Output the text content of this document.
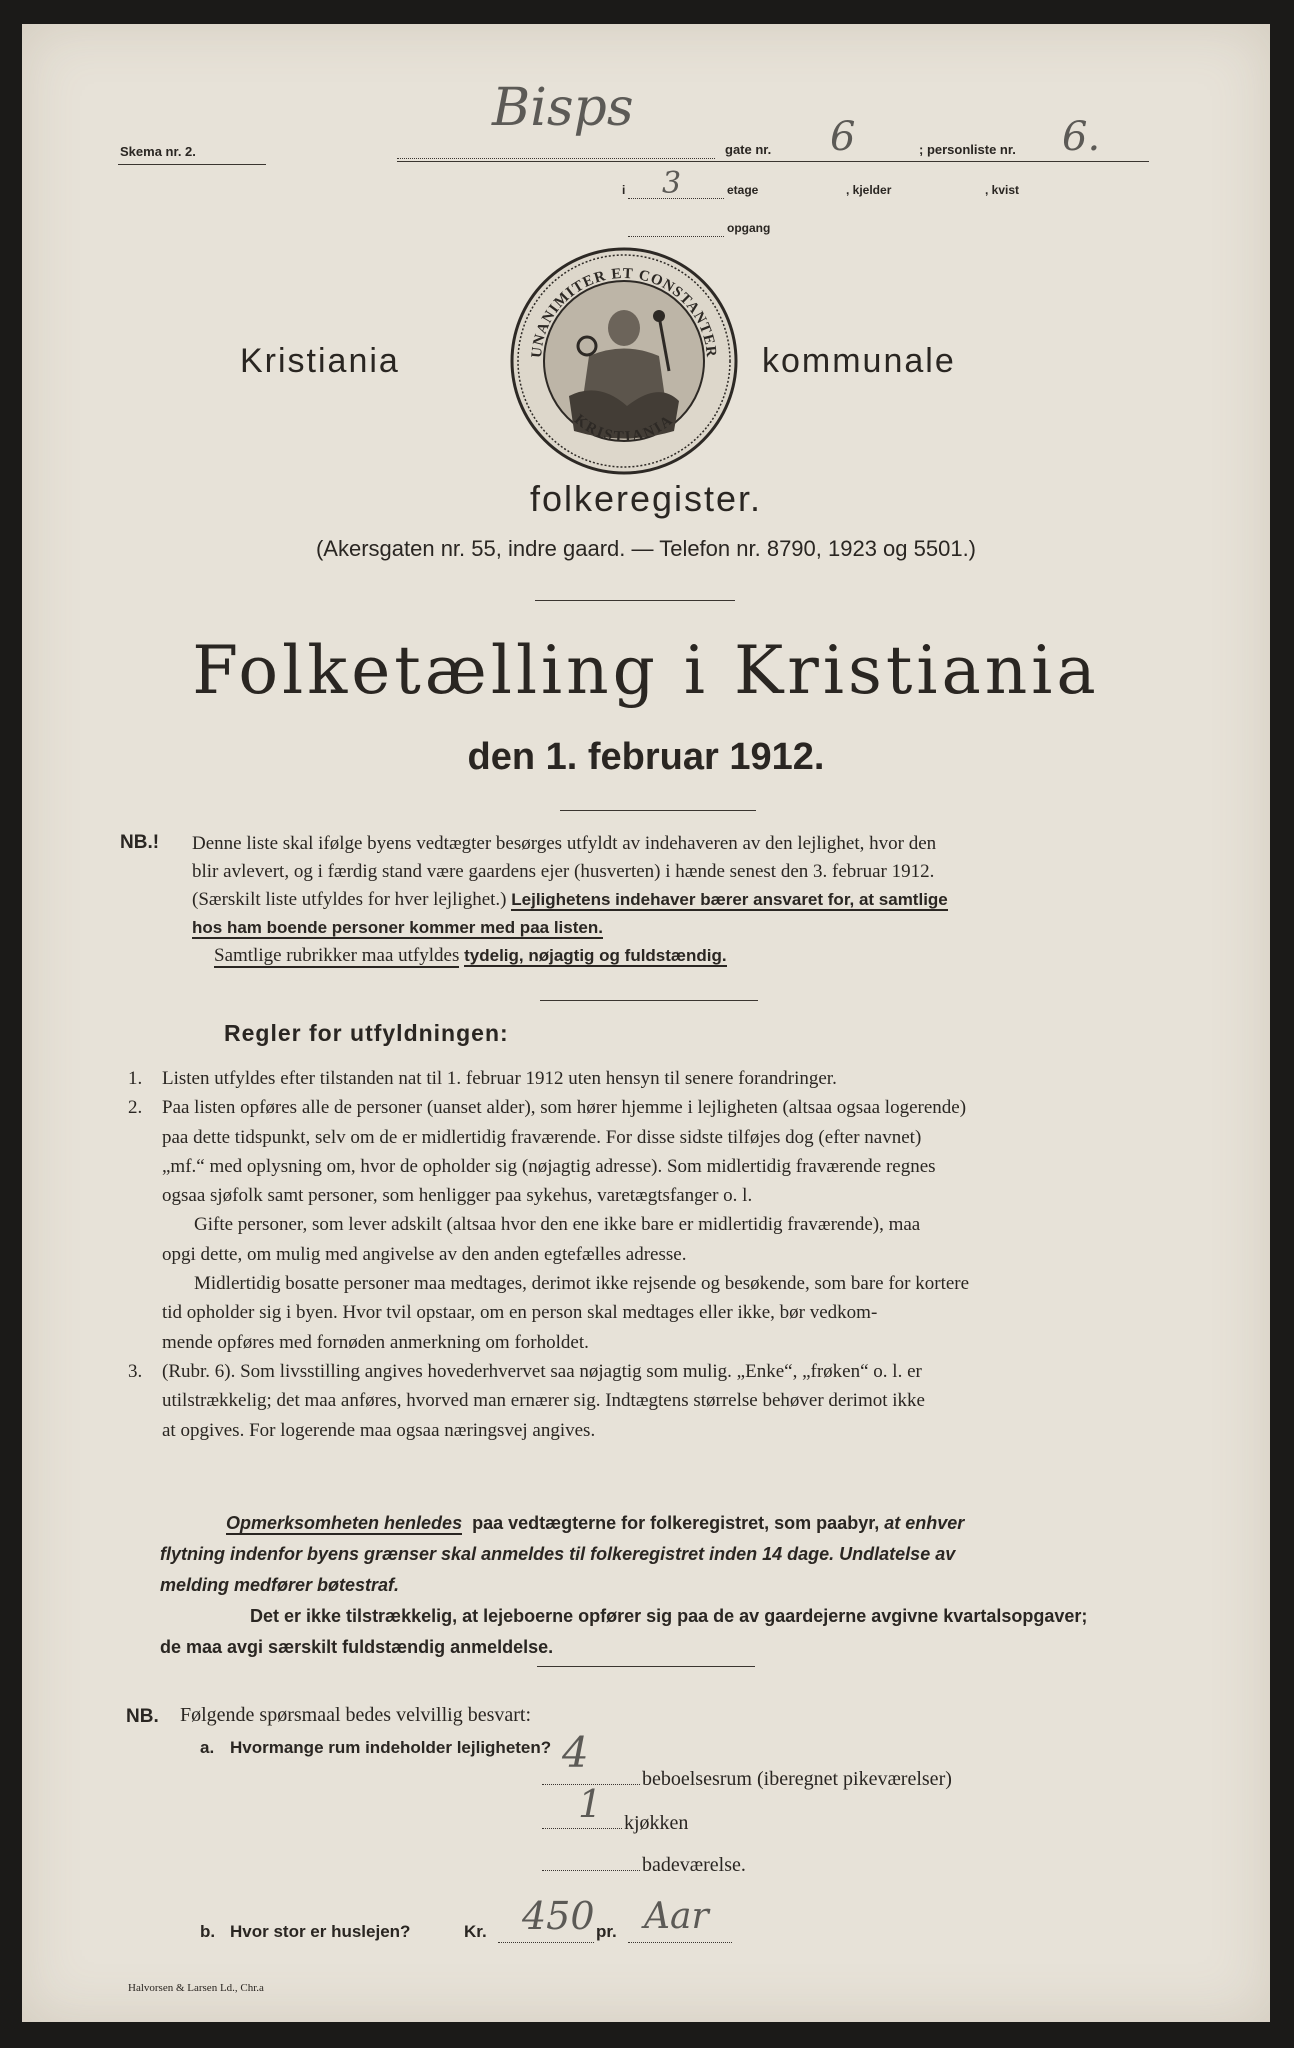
Skema nr. 2.
Bisps
gate nr. 6	; personliste nr. 6.
i 3	etage	, kjelder	, kvist
opgang
UNANIMITER ET CONSTANTER
KRISTIANIA
Kristiania	kommunale
folkeregister.
(Akersgaten nr. 55, indre gaard. — Telefon nr. 8790, 1923 og 5501.)
Folketælling i Kristiania
den 1. februar 1912.
NB.! Denne liste skal ifølge byens vedtægter besørges utfyldt av indehaveren av den lejlighet, hvor den
blir avlevert, og i færdig stand være gaardens ejer (husverten) i hænde senest den 3. februar 1912.
(Særskilt liste utfyldes for hver lejlighet.) Lejlighetens indehaver bærer ansvaret for, at samtlige
hos ham boende personer kommer med paa listen.
Samtlige rubrikker maa utfyldes tydelig, nøjagtig og fuldstændig.
Regler for utfyldningen:
1.
2.
3.
Listen utfyldes efter tilstanden nat til 1. februar 1912 uten hensyn til senere forandringer.
Paa listen opføres alle de personer (uanset alder), som hører hjemme i lejligheten (altsaa ogsaa logerende)
paa dette tidspunkt, selv om de er midlertidig fraværende. For disse sidste tilføjes dog (efter navnet)
„mf.“ med oplysning om, hvor de opholder sig (nøjagtig adresse). Som midlertidig fraværende regnes
ogsaa sjøfolk samt personer, som henligger paa sykehus, varetægtsfanger o. l.
Gifte personer, som lever adskilt (altsaa hvor den ene ikke bare er midlertidig fraværende), maa
opgi dette, om mulig med angivelse av den anden egtefælles adresse.
Midlertidig bosatte personer maa medtages, derimot ikke rejsende og besøkende, som bare for kortere
tid opholder sig i byen. Hvor tvil opstaar, om en person skal medtages eller ikke, bør vedkom-
mende opføres med fornøden anmerkning om forholdet.
(Rubr. 6). Som livsstilling angives hovederhvervet saa nøjagtig som mulig. „Enke“, „frøken“ o. l. er
utilstrækkelig; det maa anføres, hvorved man ernærer sig. Indtægtens størrelse behøver derimot ikke
at opgives. For logerende maa ogsaa næringsvej angives.
Opmerksomheten henledes paa vedtægterne for folkeregistret, som paabyr, at enhver
flytning indenfor byens grænser skal anmeldes til folkeregistret inden 14 dage. Undlatelse av
melding medfører bøtestraf.
Det er ikke tilstrækkelig, at lejeboerne opfører sig paa de av gaardejerne avgivne kvartalsopgaver;
de maa avgi særskilt fuldstændig anmeldelse.
NB. Følgende spørsmaal bedes velvillig besvart:
a. Hvormange rum indeholder lejligheten? 4
beboelsesrum (iberegnet pikeværelser)
1 kjøkken
badeværelse.
b. Hvor stor er huslejen?	Kr. 450 pr. Aar
Halvorsen & Larsen Ld., Chr.a
